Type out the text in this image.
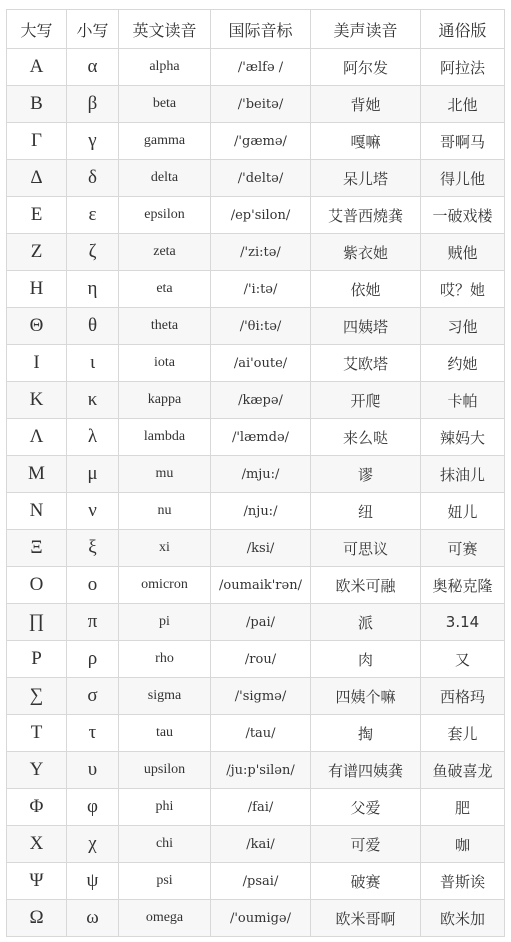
大写	小写	英文读音	国际音标	美声读音	通俗版
Α	α	alpha	/'ælfə /	阿尔发	阿拉法
Β	β	beta	/'beitə/	背她	北他
Γ	γ	gamma	/'gæmə/	嘎嘛	哥啊马
Δ	δ	delta	/'deltə/	呆儿塔	得儿他
Ε	ε	epsilon	/ep'silon/	艾普西燒龚	一破戏楼
Ζ	ζ	zeta	/'zi:tə/	紫衣她	贼他
Η	η	eta	/'i:tə/	依她	哎？她
Θ	θ	theta	/'θi:tə/	四姨塔	习他
Ι	ι	iota	/ai'oute/	艾欧塔	约她
Κ	κ	kappa	/kæpə/	开爬	卡帕
Λ	λ	lambda	/'læmdə/	来么哒	辣妈大
Μ	μ	mu	/mju:/	谬	抹油儿
Ν	ν	nu	/nju:/	纽	妞儿
Ξ	ξ	xi	/ksi/	可思议	可赛
Ο	ο	omicron	/oumaik'rən/	欧米可融	奥秘克隆
∏	π	pi	/pai/	派	3.14
Ρ	ρ	rho	/rou/	肉	又
∑	σ	sigma	/'sigmə/	四姨个嘛	西格玛
Τ	τ	tau	/tau/	掏	套儿
Υ	υ	upsilon	/ju:p'silən/	有谱四姨龚	鱼破喜龙
Φ	φ	phi	/fai/	父爱	肥
Χ	χ	chi	/kai/	可爱	咖
Ψ	ψ	psi	/psai/	破赛	普斯诶
Ω	ω	omega	/'oumigə/	欧米哥啊	欧米加
